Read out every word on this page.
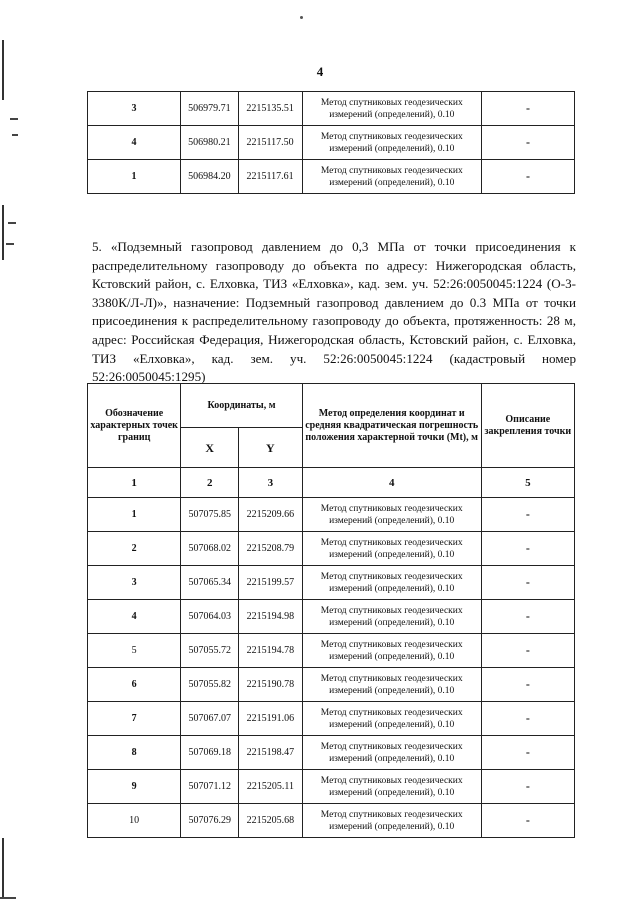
4
3	506979.71	2215135.51	Метод спутниковых геодезических измерений (определений), 0.10	-
4	506980.21	2215117.50	Метод спутниковых геодезических измерений (определений), 0.10	-
1	506984.20	2215117.61	Метод спутниковых геодезических измерений (определений), 0.10	-
5. «Подземный газопровод давлением до 0,3 МПа от точки присоединения к распределительному газопроводу до объекта по адресу: Нижегородская область, Кстовский район, с. Елховка, ТИЗ «Елховка», кад. зем. уч. 52:26:0050045:1224 (О-3-3380К/Л-Л)», назначение: Подземный газопровод давлением до 0.3 МПа от точки присоединения к распределительному газопроводу до объекта, протяженность: 28 м, адрес: Российская Федерация, Нижегородская область, Кстовский район, с. Елховка, ТИЗ «Елховка», кад. зем. уч. 52:26:0050045:1224 (кадастровый номер 52:26:0050045:1295)
Обозначение характерных точек границ	Координаты, м		Метод определения координат и средняя квадратическая погрешность положения характерной точки (Mt), м	Описание закрепления точки
	X	Y		
1	2	3	4	5
1	507075.85	2215209.66	Метод спутниковых геодезических измерений (определений), 0.10	-
2	507068.02	2215208.79	Метод спутниковых геодезических измерений (определений), 0.10	-
3	507065.34	2215199.57	Метод спутниковых геодезических измерений (определений), 0.10	-
4	507064.03	2215194.98	Метод спутниковых геодезических измерений (определений), 0.10	-
5	507055.72	2215194.78	Метод спутниковых геодезических измерений (определений), 0.10	-
6	507055.82	2215190.78	Метод спутниковых геодезических измерений (определений), 0.10	-
7	507067.07	2215191.06	Метод спутниковых геодезических измерений (определений), 0.10	-
8	507069.18	2215198.47	Метод спутниковых геодезических измерений (определений), 0.10	-
9	507071.12	2215205.11	Метод спутниковых геодезических измерений (определений), 0.10	-
10	507076.29	2215205.68	Метод спутниковых геодезических измерений (определений), 0.10	-
